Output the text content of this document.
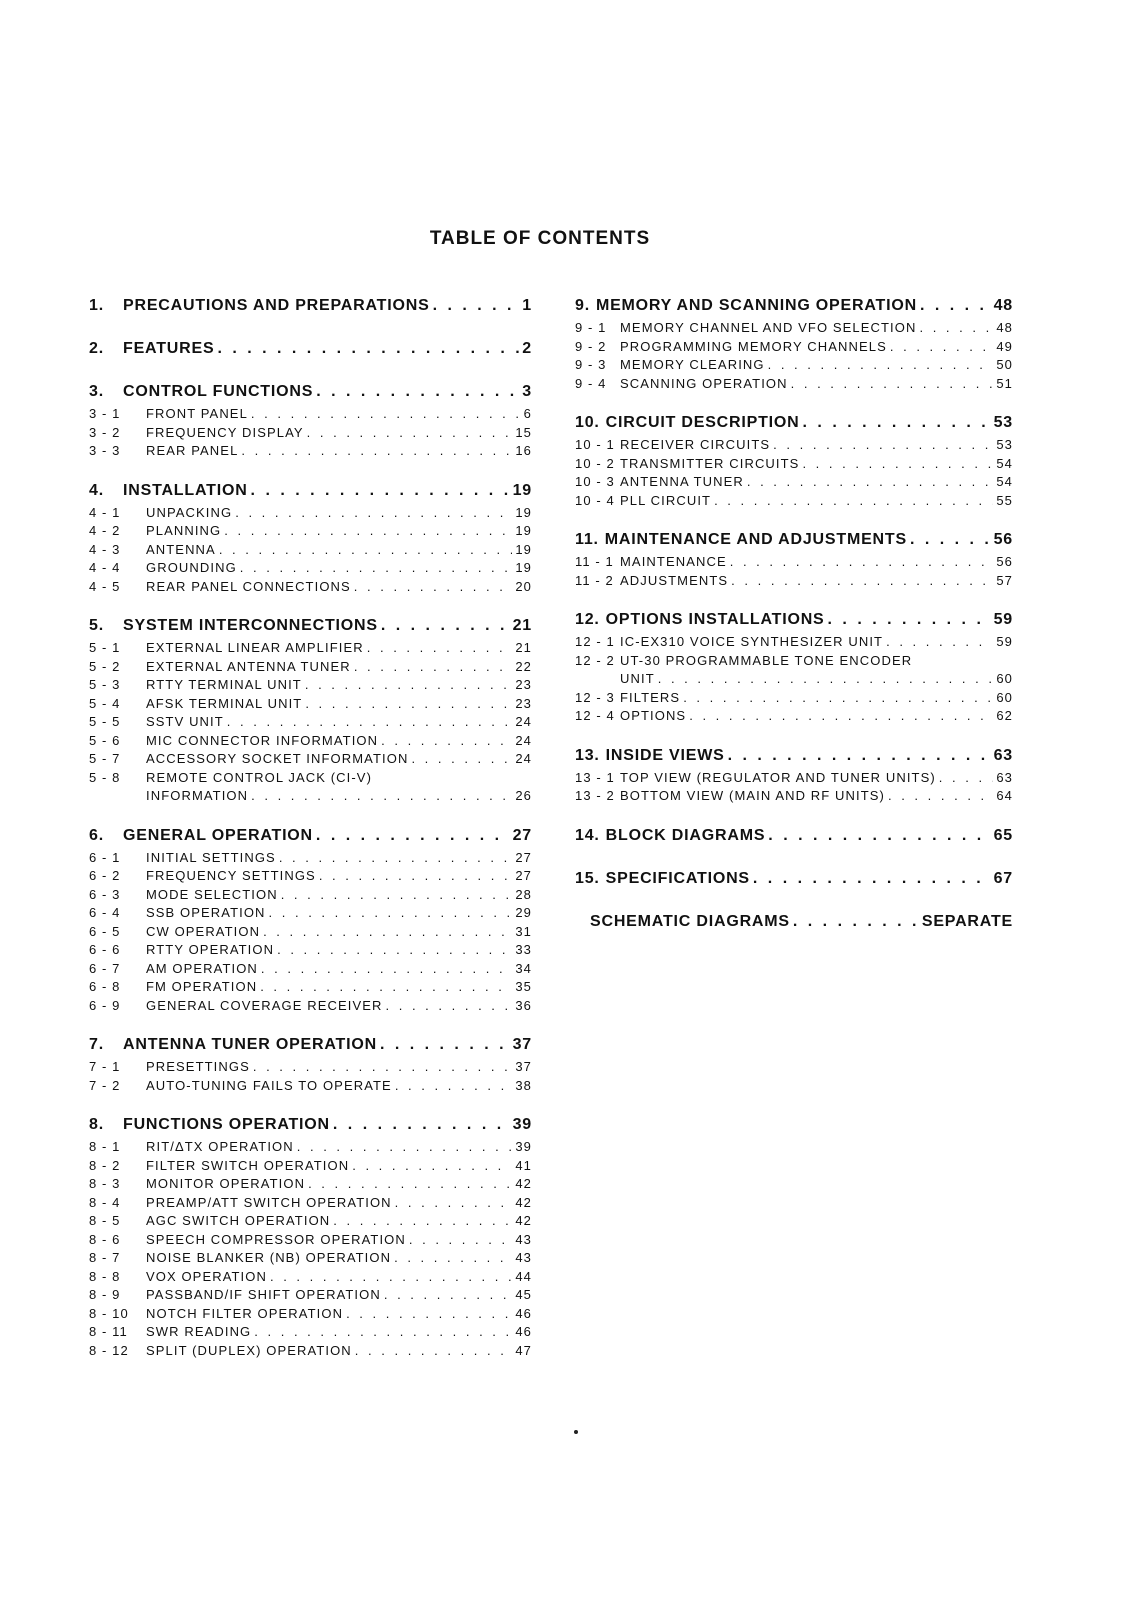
TABLE OF CONTENTS
1. PRECAUTIONS AND PREPARATIONS . . .	1
2. FEATURES . . .	2
3. CONTROL FUNCTIONS . . .	3
3 - 1	FRONT PANEL . . .	6
3 - 2	FREQUENCY DISPLAY . . .	15
3 - 3	REAR PANEL . . .	16
4. INSTALLATION . . .	19
4 - 1	UNPACKING . . .	19
4 - 2	PLANNING . . .	19
4 - 3	ANTENNA . . .	19
4 - 4	GROUNDING . . .	19
4 - 5	REAR PANEL CONNECTIONS . . .	20
5. SYSTEM INTERCONNECTIONS . . .	21
5 - 1	EXTERNAL LINEAR AMPLIFIER . . .	21
5 - 2	EXTERNAL ANTENNA TUNER . . .	22
5 - 3	RTTY TERMINAL UNIT . . .	23
5 - 4	AFSK TERMINAL UNIT . . .	23
5 - 5	SSTV UNIT . . .	24
5 - 6	MIC CONNECTOR INFORMATION . . .	24
5 - 7	ACCESSORY SOCKET INFORMATION . . .	24
5 - 8	REMOTE CONTROL JACK (CI-V)
INFORMATION . . .	26
6. GENERAL OPERATION . . .	27
6 - 1	INITIAL SETTINGS . . .	27
6 - 2	FREQUENCY SETTINGS . . .	27
6 - 3	MODE SELECTION . . .	28
6 - 4	SSB OPERATION . . .	29
6 - 5	CW OPERATION . . .	31
6 - 6	RTTY OPERATION . . .	33
6 - 7	AM OPERATION . . .	34
6 - 8	FM OPERATION . . .	35
6 - 9	GENERAL COVERAGE RECEIVER . . .	36
7. ANTENNA TUNER OPERATION . . .	37
7 - 1	PRESETTINGS . . .	37
7 - 2	AUTO-TUNING FAILS TO OPERATE . . .	38
8. FUNCTIONS OPERATION . . .	39
8 - 1	RIT/ΔTX OPERATION . . .	39
8 - 2	FILTER SWITCH OPERATION . . .	41
8 - 3	MONITOR OPERATION . . .	42
8 - 4	PREAMP/ATT SWITCH OPERATION . . .	42
8 - 5	AGC SWITCH OPERATION . . .	42
8 - 6	SPEECH COMPRESSOR OPERATION . . .	43
8 - 7	NOISE BLANKER (NB) OPERATION . . .	43
8 - 8	VOX OPERATION . . .	44
8 - 9	PASSBAND/IF SHIFT OPERATION . . .	45
8 - 10	NOTCH FILTER OPERATION . . .	46
8 - 11	SWR READING . . .	46
8 - 12	SPLIT (DUPLEX) OPERATION . . .	47
9. MEMORY AND SCANNING OPERATION . . .	48
9 - 1	MEMORY CHANNEL AND VFO SELECTION . . .	48
9 - 2	PROGRAMMING MEMORY CHANNELS . . .	49
9 - 3	MEMORY CLEARING . . .	50
9 - 4	SCANNING OPERATION . . .	51
10. CIRCUIT DESCRIPTION . . .	53
10 - 1 RECEIVER CIRCUITS . . .	53
10 - 2 TRANSMITTER CIRCUITS . . .	54
10 - 3 ANTENNA TUNER . . .	54
10 - 4 PLL CIRCUIT . . .	55
11. MAINTENANCE AND ADJUSTMENTS . . .	56
11 - 1 MAINTENANCE . . .	56
11 - 2 ADJUSTMENTS . . .	57
12. OPTIONS INSTALLATIONS . . .	59
12 - 1 IC-EX310 VOICE SYNTHESIZER UNIT . . .	59
12 - 2 UT-30 PROGRAMMABLE TONE ENCODER
UNIT . . .	60
12 - 3 FILTERS . . .	60
12 - 4 OPTIONS . . .	62
13. INSIDE VIEWS . . .	63
13 - 1 TOP VIEW (REGULATOR AND TUNER UNITS) . . .	63
13 - 2 BOTTOM VIEW (MAIN AND RF UNITS) . . .	64
14. BLOCK DIAGRAMS . . .	65
15. SPECIFICATIONS . . .	67
SCHEMATIC DIAGRAMS . . .	SEPARATE
